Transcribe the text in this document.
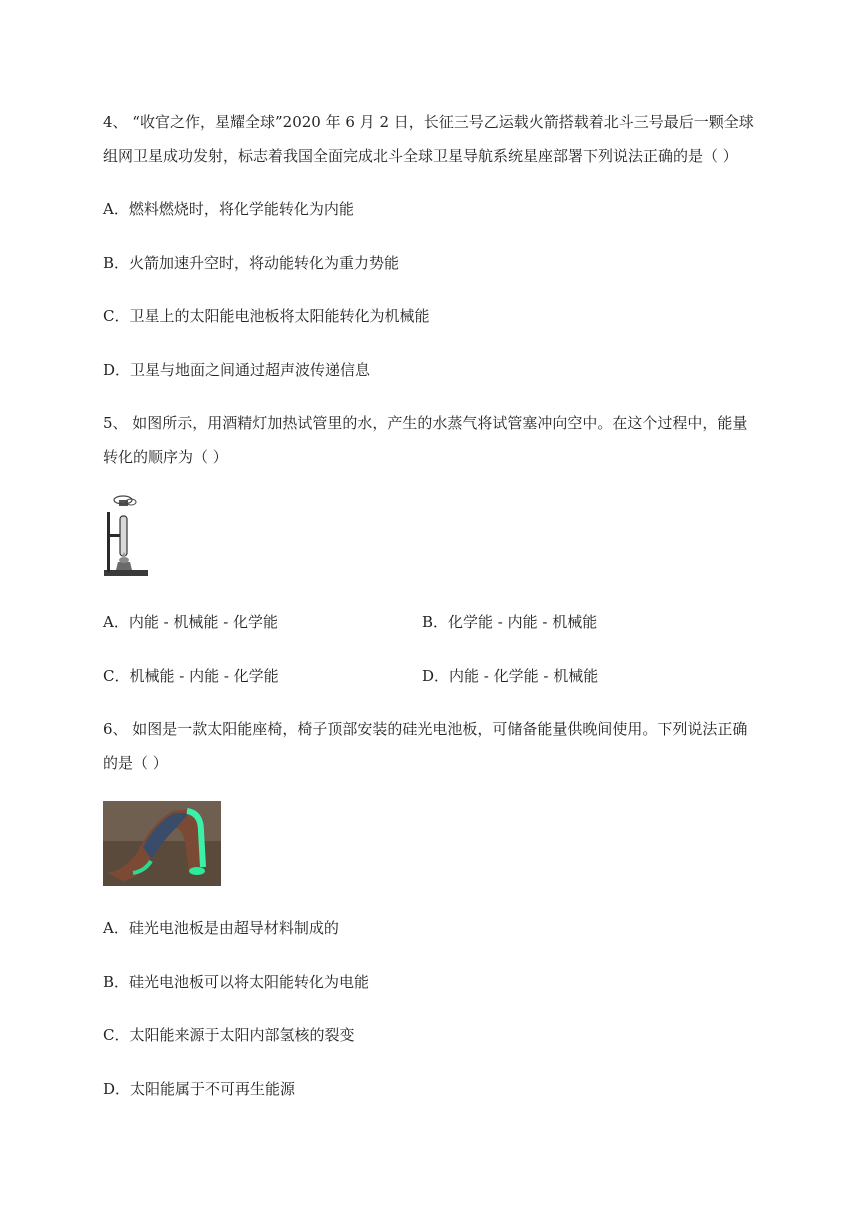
4、 “收官之作，星耀全球”2020 年 6 月 2 日，长征三号乙运载火箭搭载着北斗三号最后一颗全球
组网卫星成功发射，标志着我国全面完成北斗全球卫星导航系统星座部署下列说法正确的是（ ）
A．燃料燃烧时，将化学能转化为内能
B．火箭加速升空时，将动能转化为重力势能
C．卫星上的太阳能电池板将太阳能转化为机械能
D．卫星与地面之间通过超声波传递信息
5、 如图所示，用酒精灯加热试管里的水，产生的水蒸气将试管塞冲向空中。在这个过程中，能量
转化的顺序为（ ）
A．内能 - 机械能 - 化学能	B．化学能 - 内能 - 机械能
C．机械能 - 内能 - 化学能	D．内能 - 化学能 - 机械能
6、 如图是一款太阳能座椅，椅子顶部安装的硅光电池板，可储备能量供晚间使用。下列说法正确
的是（ ）
A．硅光电池板是由超导材料制成的
B．硅光电池板可以将太阳能转化为电能
C．太阳能来源于太阳内部氢核的裂变
D．太阳能属于不可再生能源
